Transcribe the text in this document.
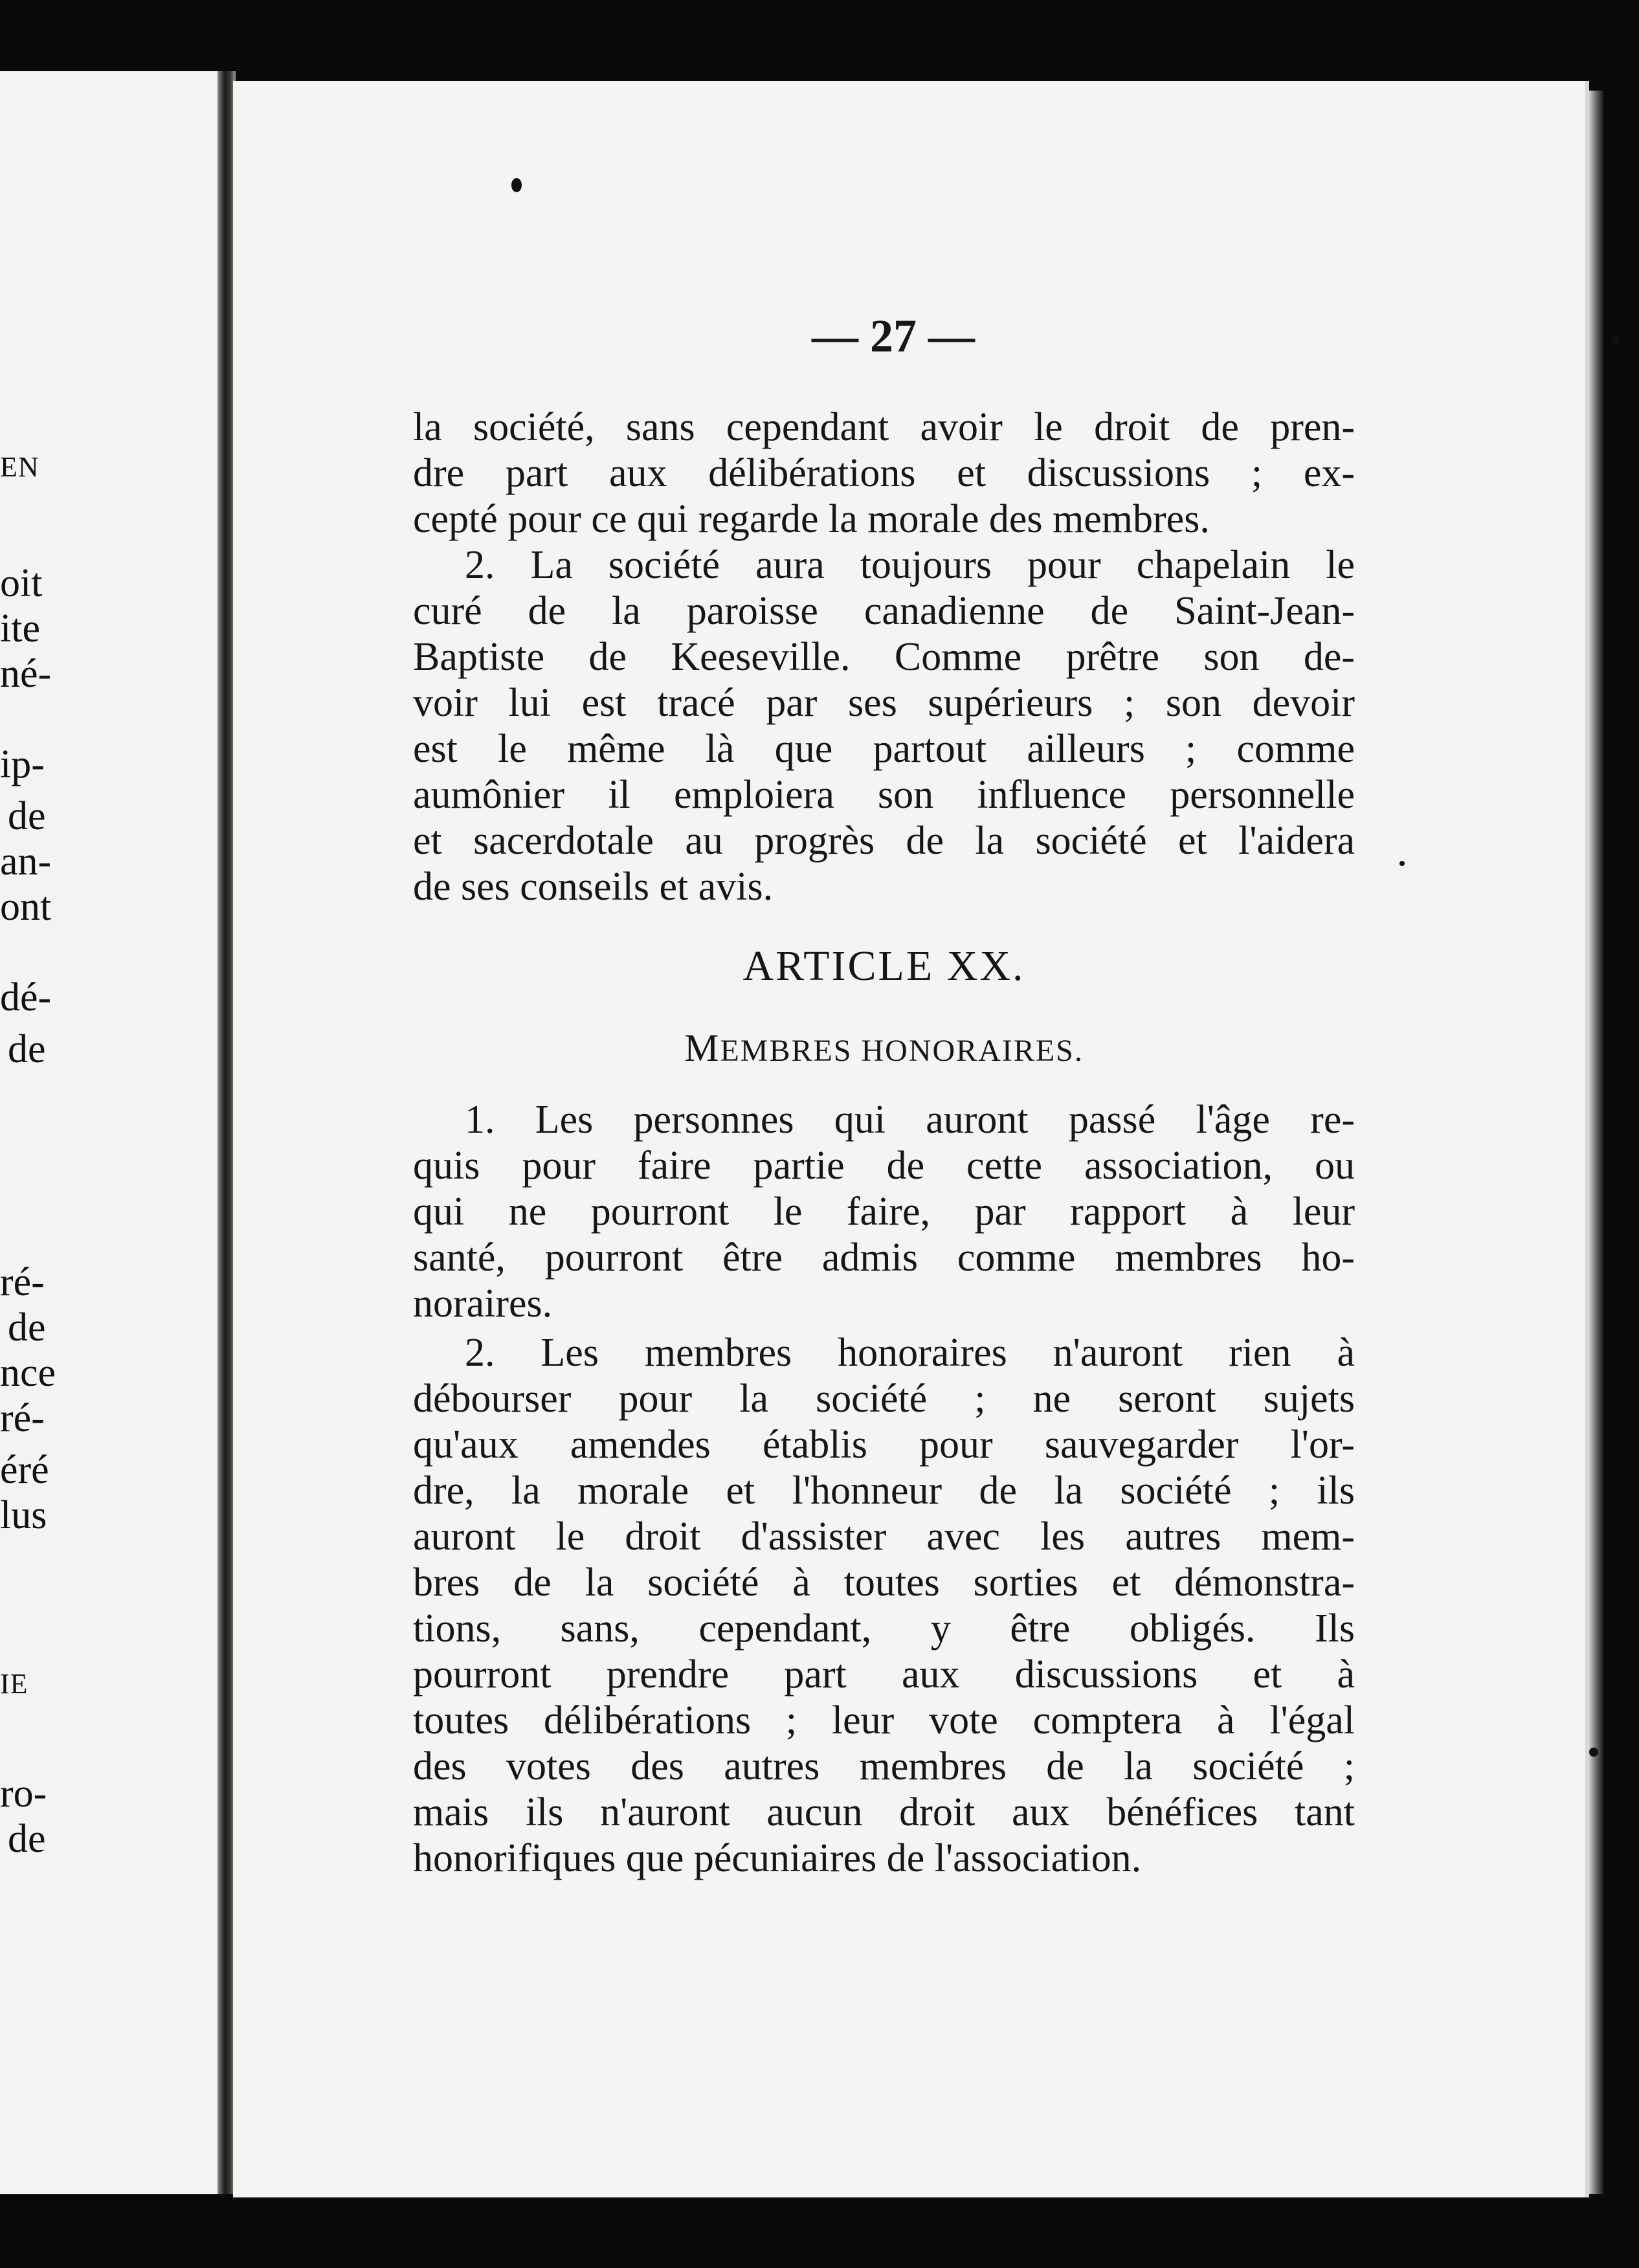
EN
oit
ite
né-
ip-
de
an-
ont
dé-
de
ré-
de
nce
ré-
éré
lus
IE
ro-
de
— 27 —
la société, sans cependant avoir le droit de pren-
dre part aux délibérations et discussions ; ex-
cepté pour ce qui regarde la morale des membres.
2. La société aura toujours pour chapelain le
curé de la paroisse canadienne de Saint-Jean-
Baptiste de Keeseville. Comme prêtre son de-
voir lui est tracé par ses supérieurs ; son devoir
est le même là que partout ailleurs ; comme
aumônier il emploiera son influence personnelle
et sacerdotale au progrès de la société et l'aidera
de ses conseils et avis.
ARTICLE XX.
MEMBRES HONORAIRES.
1. Les personnes qui auront passé l'âge re-
quis pour faire partie de cette association, ou
qui ne pourront le faire, par rapport à leur
santé, pourront être admis comme membres ho-
noraires.
2. Les membres honoraires n'auront rien à
débourser pour la société ; ne seront sujets
qu'aux amendes établis pour sauvegarder l'or-
dre, la morale et l'honneur de la société ; ils
auront le droit d'assister avec les autres mem-
bres de la société à toutes sorties et démonstra-
tions, sans, cependant, y être obligés. Ils
pourront prendre part aux discussions et à
toutes délibérations ; leur vote comptera à l'égal
des votes des autres membres de la société ;
mais ils n'auront aucun droit aux bénéfices tant
honorifiques que pécuniaires de l'association.
